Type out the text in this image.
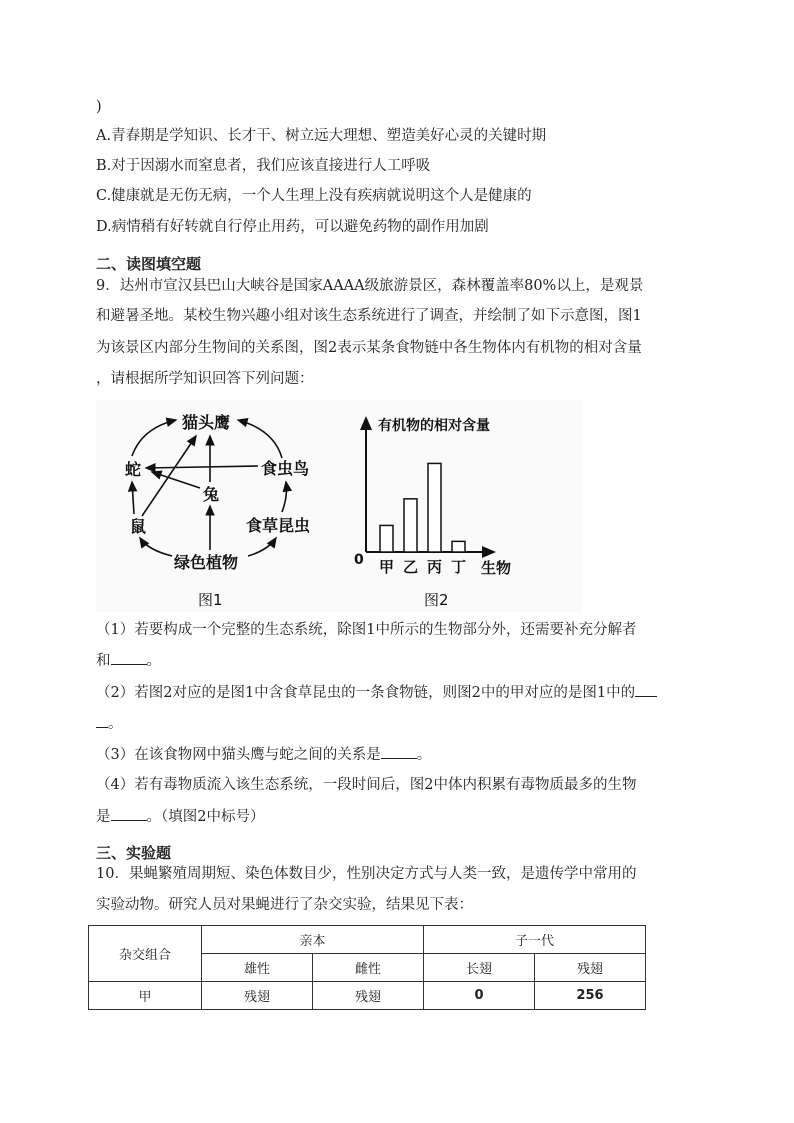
)
A.青春期是学知识、长才干、树立远大理想、塑造美好心灵的关键时期
B.对于因溺水而窒息者，我们应该直接进行人工呼吸
C.健康就是无伤无病，一个人生理上没有疾病就说明这个人是健康的
D.病情稍有好转就自行停止用药，可以避免药物的副作用加剧
二、读图填空题
9．达州市宣汉县巴山大峡谷是国家AAAA级旅游景区，森林覆盖率80%以上，是观景
和避暑圣地。某校生物兴趣小组对该生态系统进行了调查，并绘制了如下示意图，图1
为该景区内部分生物间的关系图，图2表示某条食物链中各生物体内有机物的相对含量
，请根据所学知识回答下列问题：
猫头鹰
蛇	食虫鸟
兔
鼠	食草昆虫
绿色植物
图1
有机物的相对含量
0	生物
图2
甲 乙 丙 丁
（1）若要构成一个完整的生态系统，除图1中所示的生物部分外，还需要补充分解者
和 。
（2）若图2对应的是图1中含食草昆虫的一条食物链，则图2中的甲对应的是图1中的
。
（3）在该食物网中猫头鹰与蛇之间的关系是 。
（4）若有毒物质流入该生态系统，一段时间后，图2中体内积累有毒物质最多的生物
是 。（填图2中标号）
三、实验题
10．果蝇繁殖周期短、染色体数目少，性别决定方式与人类一致，是遗传学中常用的
实验动物。研究人员对果蝇进行了杂交实验，结果见下表：
杂交组合	亲本		子一代	
	雄性	雌性	长翅	残翅
甲	残翅	残翅	0	256
